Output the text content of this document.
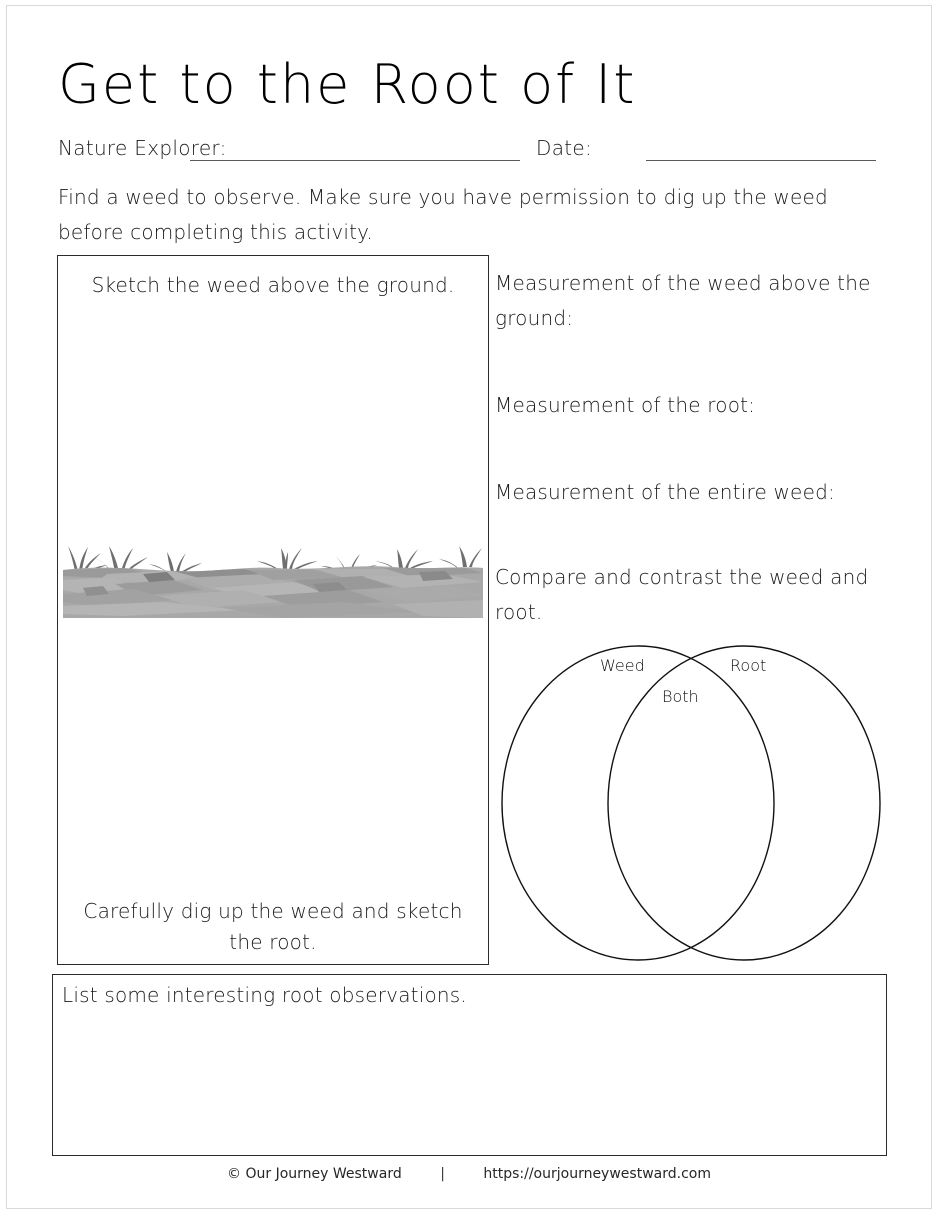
Get to the Root of It
Nature Explorer:	Date:
Find a weed to observe. Make sure you have permission to dig up the weed before completing this activity.
Sketch the weed above the ground.
Carefully dig up the weed and sketch the root.
Measurement of the weed above the ground:
Measurement of the root:
Measurement of the entire weed:
Compare and contrast the weed and root.
Weed	Root
Both
List some interesting root observations.
© Our Journey Westward	|	https://ourjourneywestward.com
